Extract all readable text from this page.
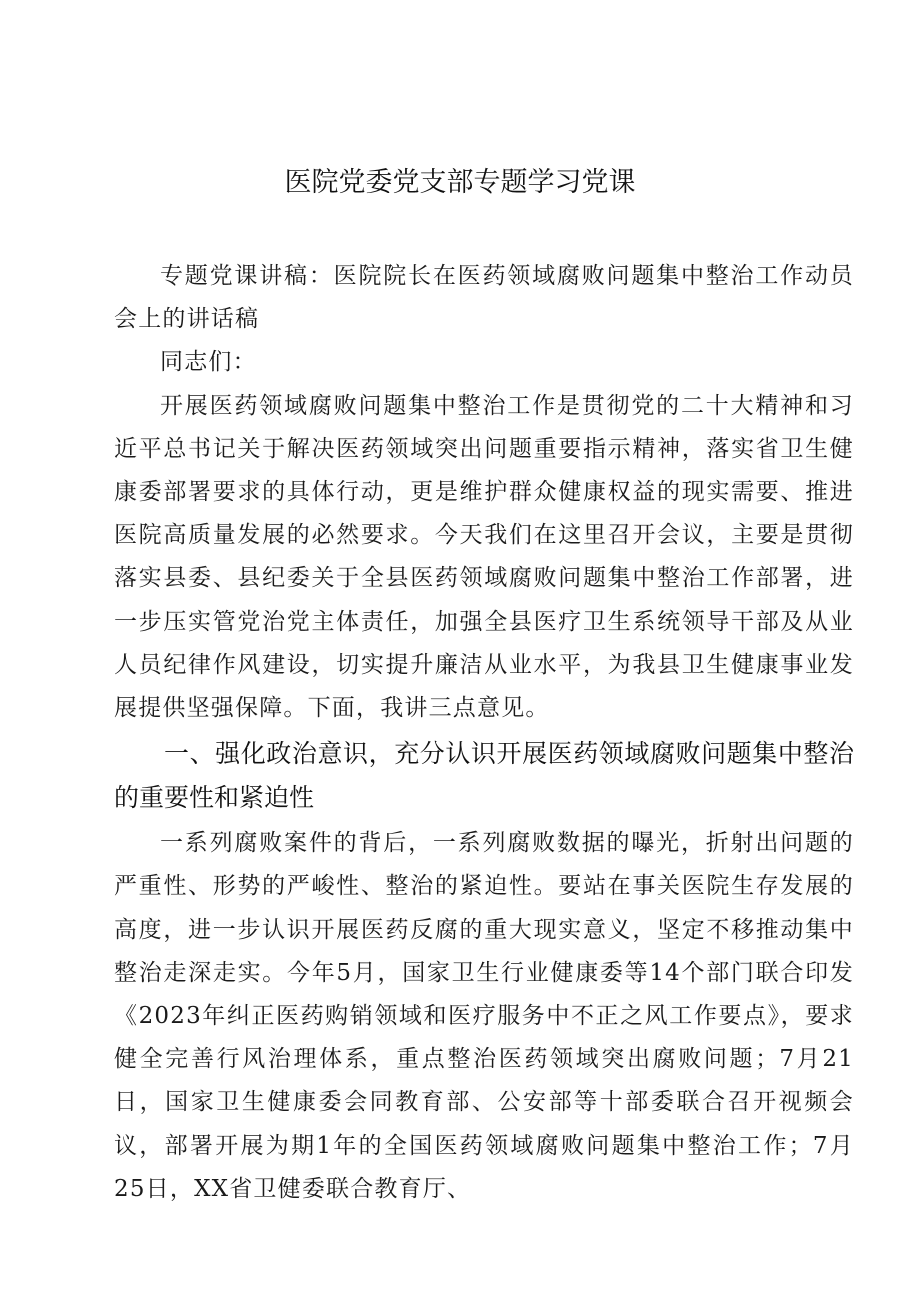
医院党委党支部专题学习党课

专题党课讲稿：医院院长在医药领域腐败问题集中整治工作动员会上的讲话稿

同志们：

开展医药领域腐败问题集中整治工作是贯彻党的二十大精神和习近平总书记关于解决医药领域突出问题重要指示精神，落实省卫生健康委部署要求的具体行动，更是维护群众健康权益的现实需要、推进医院高质量发展的必然要求。今天我们在这里召开会议，主要是贯彻落实县委、县纪委关于全县医药领域腐败问题集中整治工作部署，进一步压实管党治党主体责任，加强全县医疗卫生系统领导干部及从业人员纪律作风建设，切实提升廉洁从业水平，为我县卫生健康事业发展提供坚强保障。下面，我讲三点意见。

一、强化政治意识，充分认识开展医药领域腐败问题集中整治的重要性和紧迫性

一系列腐败案件的背后，一系列腐败数据的曝光，折射出问题的严重性、形势的严峻性、整治的紧迫性。要站在事关医院生存发展的高度，进一步认识开展医药反腐的重大现实意义，坚定不移推动集中整治走深走实。今年5月，国家卫生行业健康委等14个部门联合印发《2023年纠正医药购销领域和医疗服务中不正之风工作要点》，要求健全完善行风治理体系，重点整治医药领域突出腐败问题；7月21日，国家卫生健康委会同教育部、公安部等十部委联合召开视频会议，部署开展为期1年的全国医药领域腐败问题集中整治工作；7月25日，XX省卫健委联合教育厅、
